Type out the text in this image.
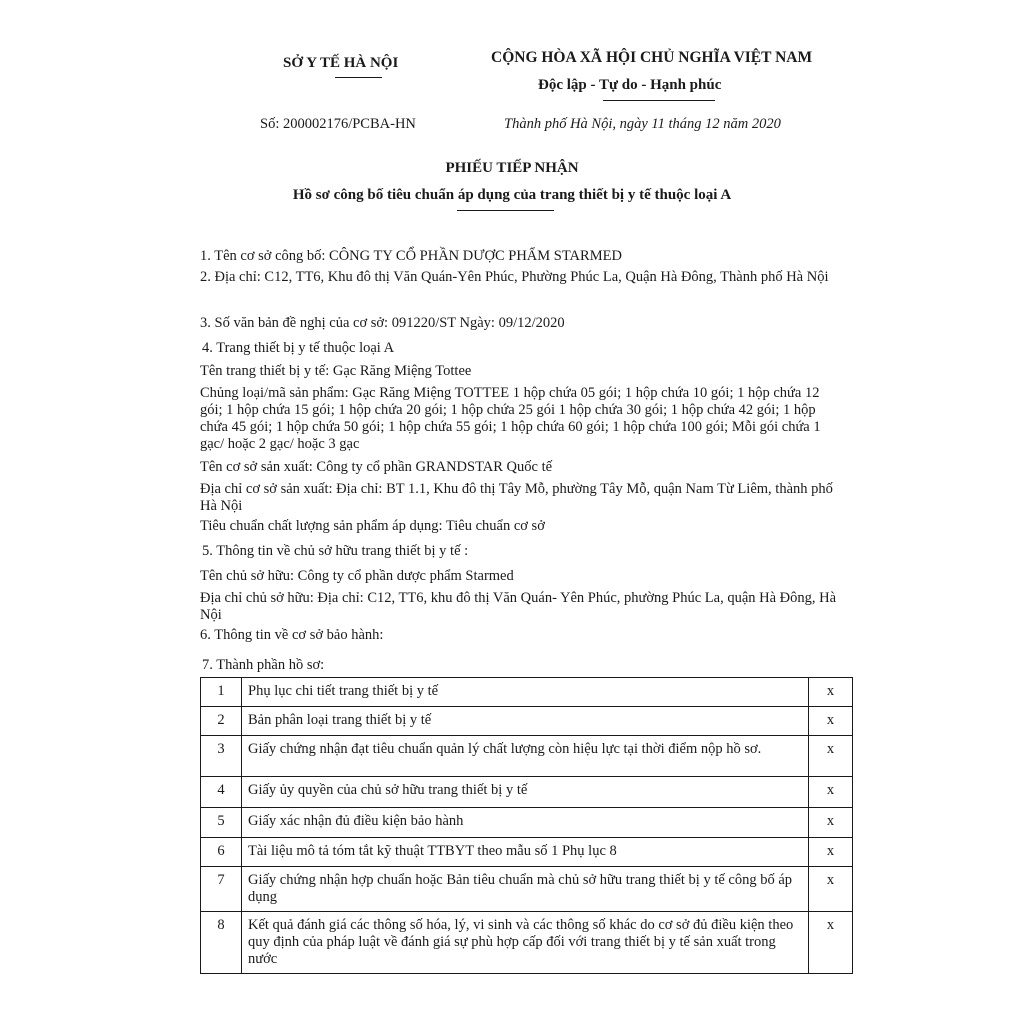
SỞ Y TẾ HÀ NỘI	CỘNG HÒA XÃ HỘI CHỦ NGHĨA VIỆT NAM
Độc lập - Tự do - Hạnh phúc
Số: 200002176/PCBA-HN	Thành phố Hà Nội, ngày 11 tháng 12 năm 2020
PHIẾU TIẾP NHẬN
Hồ sơ công bố tiêu chuẩn áp dụng của trang thiết bị y tế thuộc loại A
1. Tên cơ sở công bố: CÔNG TY CỔ PHẦN DƯỢC PHẨM STARMED
2. Địa chỉ: C12, TT6, Khu đô thị Văn Quán-Yên Phúc, Phường Phúc La, Quận Hà Đông, Thành phố Hà Nội
3. Số văn bản đề nghị của cơ sở: 091220/ST Ngày: 09/12/2020
4. Trang thiết bị y tế thuộc loại A
Tên trang thiết bị y tế: Gạc Răng Miệng Tottee
Chủng loại/mã sản phẩm: Gạc Răng Miệng TOTTEE 1 hộp chứa 05 gói; 1 hộp chứa 10 gói; 1 hộp chứa 12 gói; 1 hộp chứa 15 gói; 1 hộp chứa 20 gói; 1 hộp chứa 25 gói 1 hộp chứa 30 gói; 1 hộp chứa 42 gói; 1 hộp chứa 45 gói; 1 hộp chứa 50 gói; 1 hộp chứa 55 gói; 1 hộp chứa 60 gói; 1 hộp chứa 100 gói; Mỗi gói chứa 1 gạc/ hoặc 2 gạc/ hoặc 3 gạc
Tên cơ sở sản xuất: Công ty cổ phần GRANDSTAR Quốc tế
Địa chỉ cơ sở sản xuất: Địa chỉ: BT 1.1, Khu đô thị Tây Mỗ, phường Tây Mỗ, quận Nam Từ Liêm, thành phố Hà Nội
Tiêu chuẩn chất lượng sản phẩm áp dụng: Tiêu chuẩn cơ sở
5. Thông tin về chủ sở hữu trang thiết bị y tế :
Tên chủ sở hữu: Công ty cổ phần dược phẩm Starmed
Địa chỉ chủ sở hữu: Địa chỉ: C12, TT6, khu đô thị Văn Quán- Yên Phúc, phường Phúc La, quận Hà Đông, Hà Nội
6. Thông tin về cơ sở bảo hành:
7. Thành phần hồ sơ:
1	Phụ lục chi tiết trang thiết bị y tế	x
2	Bản phân loại trang thiết bị y tế	x
3	Giấy chứng nhận đạt tiêu chuẩn quản lý chất lượng còn hiệu lực tại thời điểm nộp hồ sơ.	x
4	Giấy ủy quyền của chủ sở hữu trang thiết bị y tế	x
5	Giấy xác nhận đủ điều kiện bảo hành	x
6	Tài liệu mô tả tóm tắt kỹ thuật TTBYT theo mẫu số 1 Phụ lục 8	x
7	Giấy chứng nhận hợp chuẩn hoặc Bản tiêu chuẩn mà chủ sở hữu trang thiết bị y tế công bố áp dụng	x
8	Kết quả đánh giá các thông số hóa, lý, vi sinh và các thông số khác do cơ sở đủ điều kiện theo quy định của pháp luật về đánh giá sự phù hợp cấp đối với trang thiết bị y tế sản xuất trong nước	x
